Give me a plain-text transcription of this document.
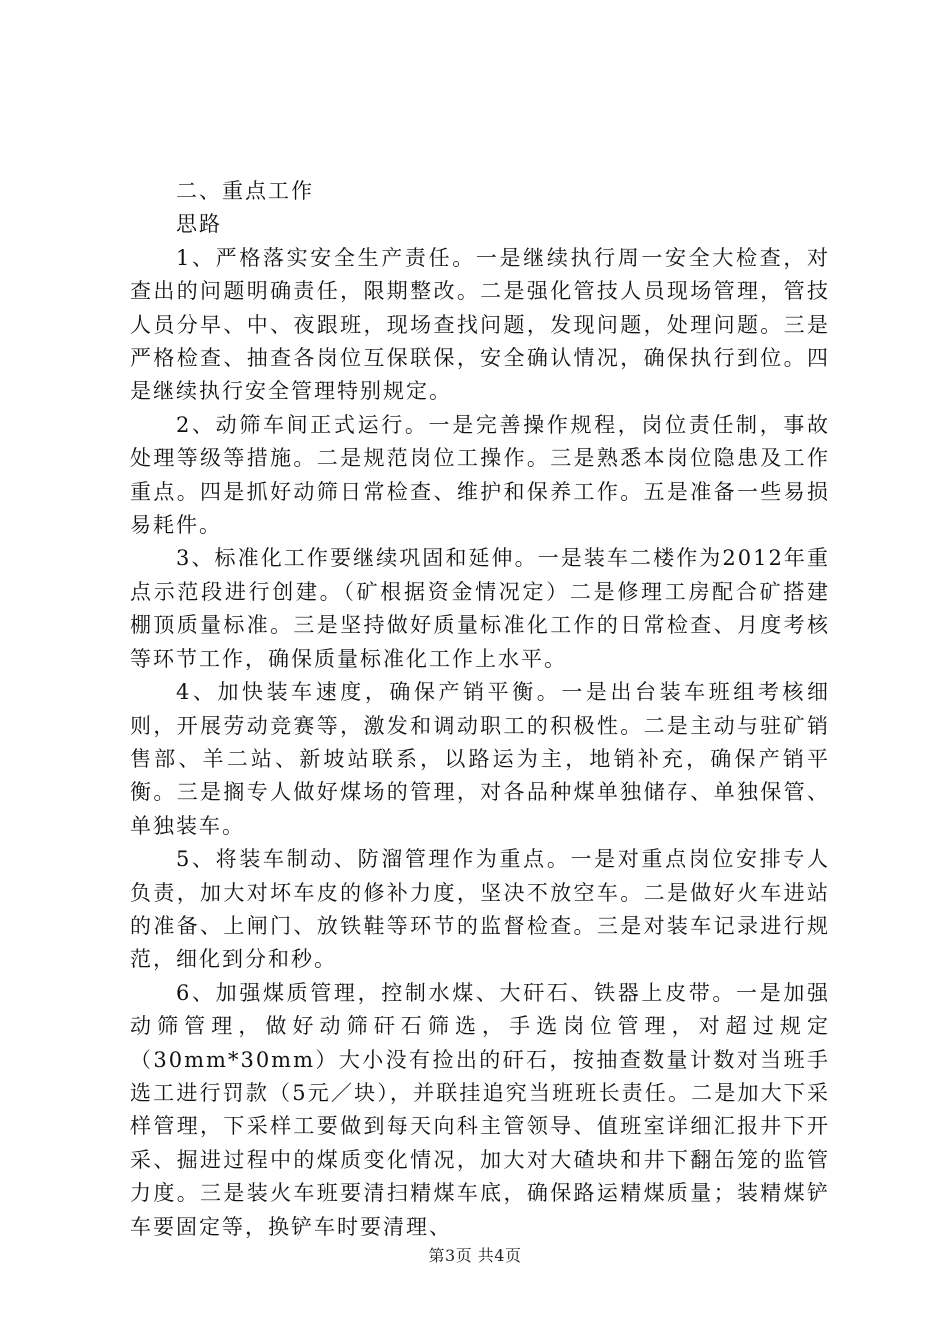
二、重点工作

思路

1、严格落实安全生产责任。一是继续执行周一安全大检查，对查出的问题明确责任，限期整改。二是强化管技人员现场管理，管技人员分早、中、夜跟班，现场查找问题，发现问题，处理问题。三是严格检查、抽查各岗位互保联保，安全确认情况，确保执行到位。四是继续执行安全管理特别规定。

2、动筛车间正式运行。一是完善操作规程，岗位责任制，事故处理等级等措施。二是规范岗位工操作。三是熟悉本岗位隐患及工作重点。四是抓好动筛日常检查、维护和保养工作。五是准备一些易损易耗件。

3、标准化工作要继续巩固和延伸。一是装车二楼作为2012年重点示范段进行创建。（矿根据资金情况定）二是修理工房配合矿搭建棚顶质量标准。三是坚持做好质量标准化工作的日常检查、月度考核等环节工作，确保质量标准化工作上水平。

4、加快装车速度，确保产销平衡。一是出台装车班组考核细则，开展劳动竞赛等，激发和调动职工的积极性。二是主动与驻矿销售部、羊二站、新坡站联系，以路运为主，地销补充，确保产销平衡。三是搁专人做好煤场的管理，对各品种煤单独储存、单独保管、单独装车。

5、将装车制动、防溜管理作为重点。一是对重点岗位安排专人负责，加大对坏车皮的修补力度，坚决不放空车。二是做好火车进站的准备、上闸门、放铁鞋等环节的监督检查。三是对装车记录进行规范，细化到分和秒。

6、加强煤质管理，控制水煤、大矸石、铁器上皮带。一是加强动筛管理，做好动筛矸石筛选，手选岗位管理，对超过规定（30mm*30mm）大小没有捡出的矸石，按抽查数量计数对当班手选工进行罚款（5元／块），并联挂追究当班班长责任。二是加大下采样管理，下采样工要做到每天向科主管领导、值班室详细汇报井下开采、掘进过程中的煤质变化情况，加大对大碴块和井下翻缶笼的监管力度。三是装火车班要清扫精煤车底，确保路运精煤质量；装精煤铲车要固定等，换铲车时要清理、

第3页 共4页
